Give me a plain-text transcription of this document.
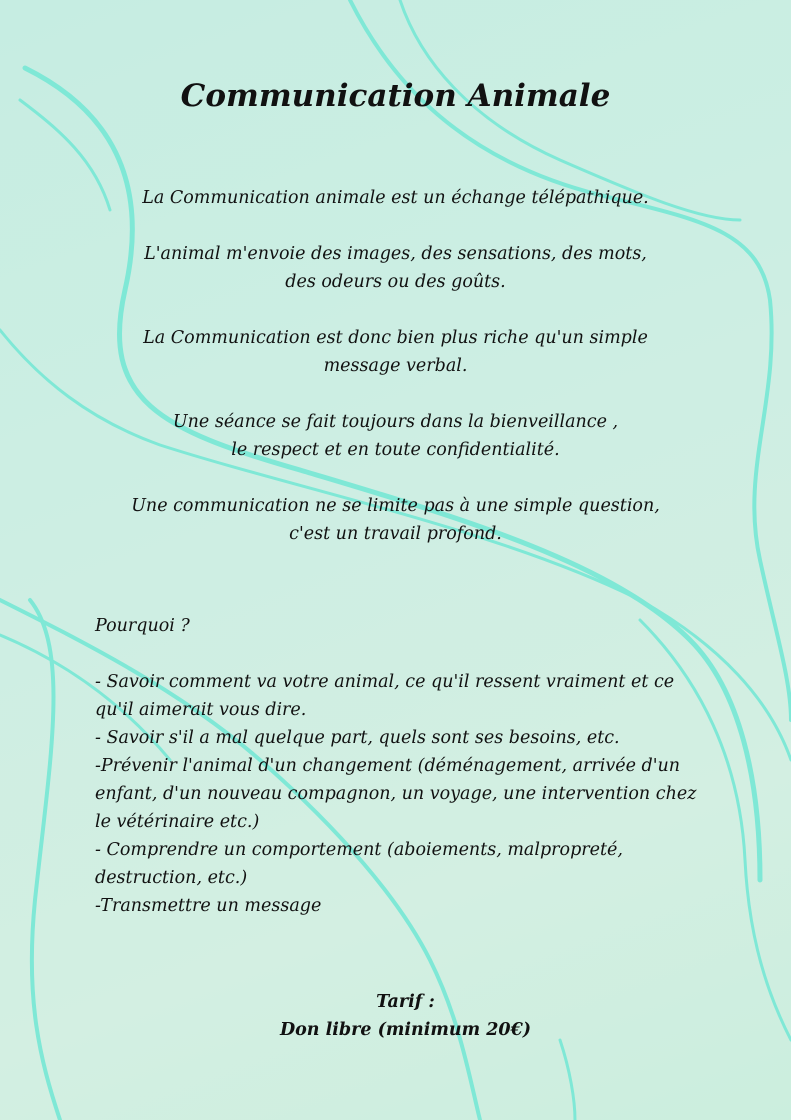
Communication Animale

La Communication animale est un échange télépathique.

L'animal m'envoie des images, des sensations, des mots,
des odeurs ou des goûts.

La Communication est donc bien plus riche qu'un simple
message verbal.

Une séance se fait toujours dans la bienveillance ,
le respect et en toute confidentialité.

Une communication ne se limite pas à une simple question,
c'est un travail profond.

Pourquoi ?

- Savoir comment va votre animal, ce qu'il ressent vraiment et ce qu'il aimerait vous dire.

- Savoir s'il a mal quelque part, quels sont ses besoins, etc.

-Prévenir l'animal d'un changement (déménagement, arrivée d'un enfant, d'un nouveau compagnon, un voyage, une intervention chez le vétérinaire etc.)

- Comprendre un comportement (aboiements, malpropreté, destruction, etc.)

-Transmettre un message

Tarif :
Don libre (minimum 20€)
